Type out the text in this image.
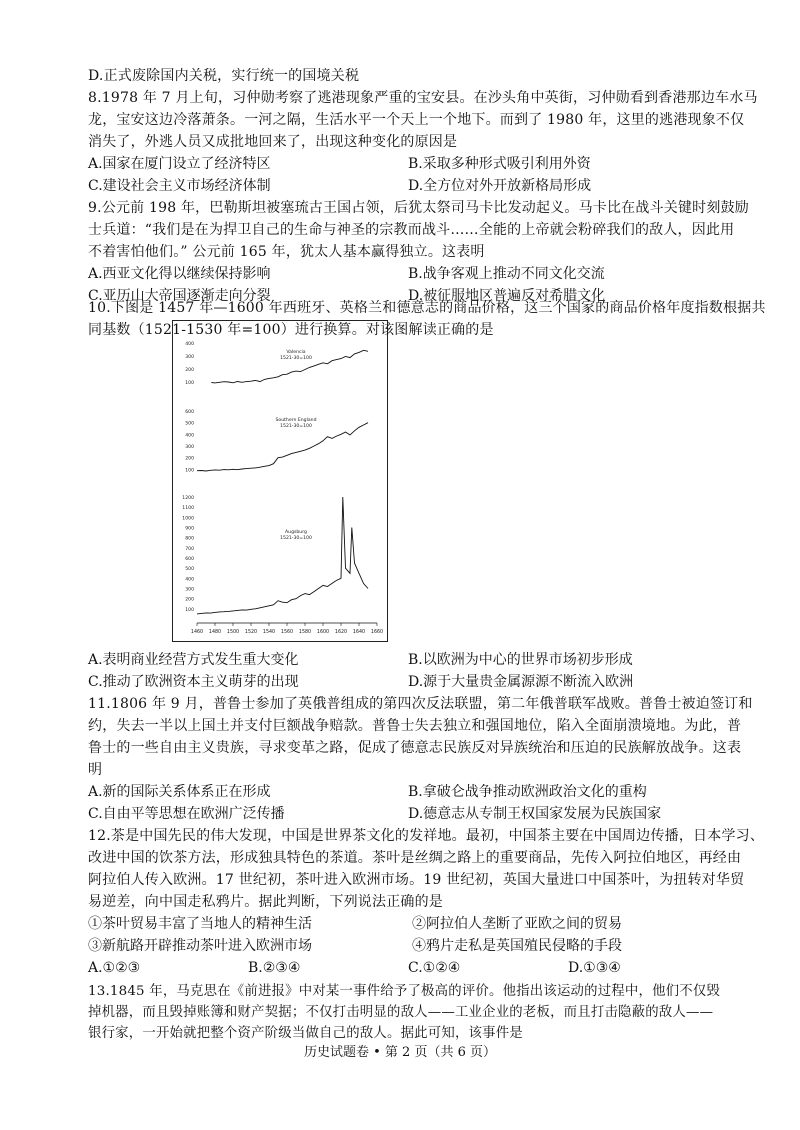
D.正式废除国内关税，实行统一的国境关税
8.1978 年 7 月上旬，习仲勋考察了逃港现象严重的宝安县。在沙头角中英街，习仲勋看到香港那边车水马
龙，宝安这边冷落萧条。一河之隔，生活水平一个天上一个地下。而到了 1980 年，这里的逃港现象不仅
消失了，外逃人员又成批地回来了，出现这种变化的原因是
A.国家在厦门设立了经济特区	B.采取多种形式吸引利用外资
C.建设社会主义市场经济体制	D.全方位对外开放新格局形成
9.公元前 198 年，巴勒斯坦被塞琉古王国占领，后犹太祭司马卡比发动起义。马卡比在战斗关键时刻鼓励
士兵道：“我们是在为捍卫自己的生命与神圣的宗教而战斗……全能的上帝就会粉碎我们的敌人，因此用
不着害怕他们。” 公元前 165 年，犹太人基本赢得独立。这表明
A.西亚文化得以继续保持影响	B.战争客观上推动不同文化交流
C.亚历山大帝国逐渐走向分裂	D.被征服地区普遍反对希腊文化
10.下图是 1457 年—1600 年西班牙、英格兰和德意志的商品价格，这三个国家的商品价格年度指数根据共
100
200
300
400
Valencia
1521-30=100
100
200
300
400
500
600
Southern England
1521-30=100
100
200
300
400
500
600
700
800
900
1000
1100
1200
Augsburg
1521-30=100
1460 1480 1500 1520 1540 1560 1580 1600 1620 1640 1660
A.表明商业经营方式发生重大变化	B.以欧洲为中心的世界市场初步形成
C.推动了欧洲资本主义萌芽的出现	D.源于大量贵金属源源不断流入欧洲
11.1806 年 9 月，普鲁士参加了英俄普组成的第四次反法联盟，第二年俄普联军战败。普鲁士被迫签订和
约，失去一半以上国土并支付巨额战争赔款。普鲁士失去独立和强国地位，陷入全面崩溃境地。为此，普
鲁士的一些自由主义贵族，寻求变革之路，促成了德意志民族反对异族统治和压迫的民族解放战争。这表
明
A.新的国际关系体系正在形成	B.拿破仑战争推动欧洲政治文化的重构
C.自由平等思想在欧洲广泛传播	D.德意志从专制王权国家发展为民族国家
12.茶是中国先民的伟大发现，中国是世界茶文化的发祥地。最初，中国茶主要在中国周边传播，日本学习、
改进中国的饮茶方法，形成独具特色的茶道。茶叶是丝绸之路上的重要商品，先传入阿拉伯地区，再经由
阿拉伯人传入欧洲。17 世纪初，茶叶进入欧洲市场。19 世纪初，英国大量进口中国茶叶，为扭转对华贸
易逆差，向中国走私鸦片。据此判断，下列说法正确的是
①茶叶贸易丰富了当地人的精神生活	②阿拉伯人垄断了亚欧之间的贸易
③新航路开辟推动茶叶进入欧洲市场	④鸦片走私是英国殖民侵略的手段
A.①②③	B.②③④	C.①②④	D.①③④
13.1845 年，马克思在《前进报》中对某一事件给予了极高的评价。他指出该运动的过程中，他们不仅毁
历史试题卷 • 第 2 页（共 6 页）
同基数（1521-1530 年=100）进行换算。对该图解读正确的是
掉机器，而且毁掉账簿和财产契据；不仅打击明显的敌人——工业企业的老板，而且打击隐蔽的敌人——
银行家，一开始就把整个资产阶级当做自己的敌人。据此可知，该事件是
